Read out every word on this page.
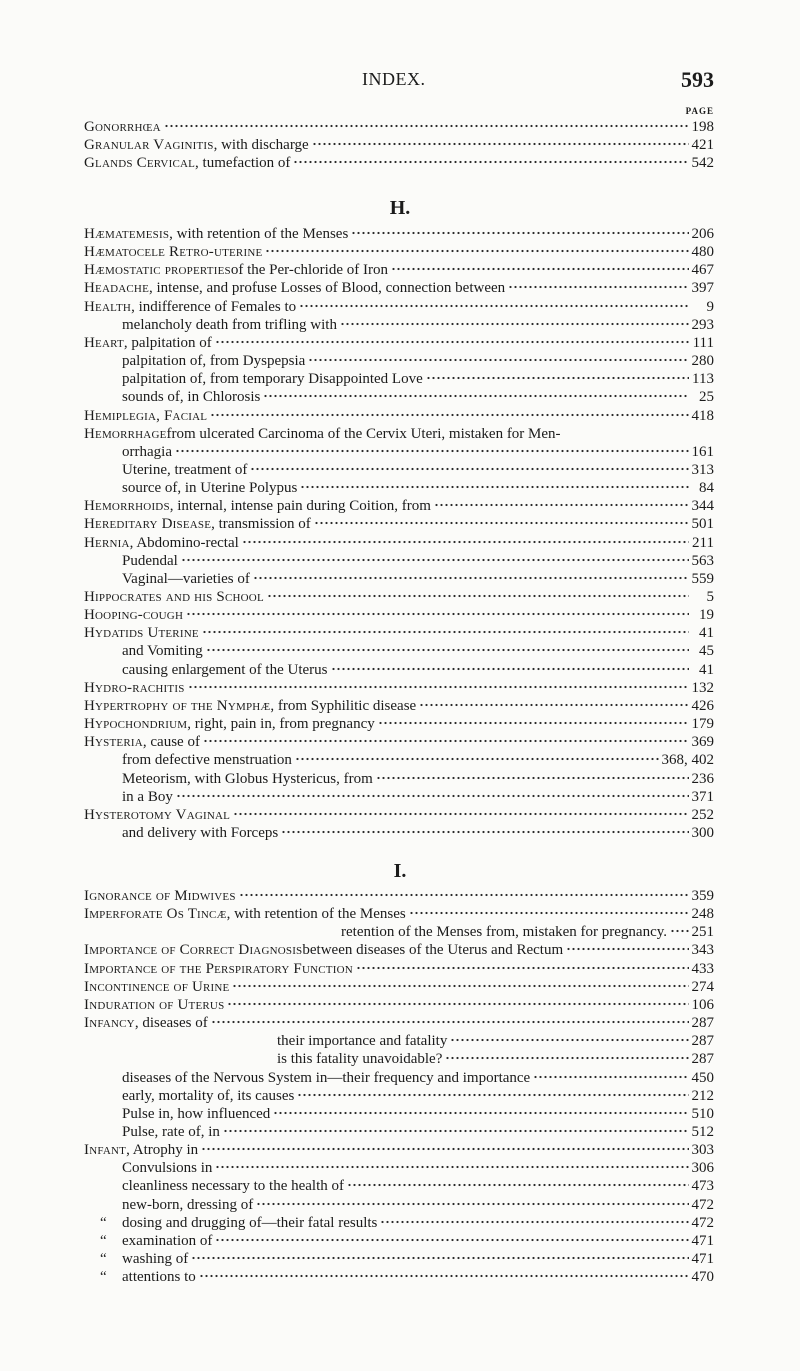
INDEX.	593
PAGE
Gonorrhœa	198
Granular Vaginitis , with discharge	421
Glands Cervical , tumefaction of	542
H.
Hæmatemesis , with retention of the Menses	206
Hæmatocele Retro-uterine	480
Hæmostatic properties of the Per-chloride of Iron	467
Headache , intense, and profuse Losses of Blood, connection between	397
Health , indifference of Females to	9
melancholy death from trifling with	293
Heart , palpitation of	111
palpitation of, from Dyspepsia	280
palpitation of, from temporary Disappointed Love	113
sounds of, in Chlorosis	25
Hemiplegia, Facial	418
Hemorrhage from ulcerated Carcinoma of the Cervix Uteri, mistaken for Men-
orrhagia	161
Uterine, treatment of	313
source of, in Uterine Polypus	84
Hemorrhoids , internal, intense pain during Coition, from	344
Hereditary Disease , transmission of	501
Hernia , Abdomino-rectal	211
Pudendal	563
Vaginal—varieties of	559
Hippocrates and his School	5
Hooping-cough	19
Hydatids Uterine	41
and Vomiting	45
causing enlargement of the Uterus	41
Hydro-rachitis	132
Hypertrophy of the Nymphæ , from Syphilitic disease	426
Hypochondrium , right, pain in, from pregnancy	179
Hysteria , cause of	369
from defective menstruation	368, 402
Meteorism, with Globus Hystericus, from	236
in a Boy	371
Hysterotomy Vaginal	252
and delivery with Forceps	300
I.
Ignorance of Midwives	359
Imperforate Os Tincæ , with retention of the Menses	248
retention of the Menses from, mistaken for pregnancy. 251
Importance of Correct Diagnosis between diseases of the Uterus and Rectum	343
Importance of the Perspiratory Function	433
Incontinence of Urine	274
Induration of Uterus	106
Infancy , diseases of	287
their importance and fatality	287
is this fatality unavoidable?	287
diseases of the Nervous System in—their frequency and importance	450
early, mortality of, its causes	212
Pulse in, how influenced	510
Pulse, rate of, in	512
Infant , Atrophy in	303
Convulsions in	306
cleanliness necessary to the health of	473
new-born, dressing of	472
“	dosing and drugging of—their fatal results	472
“	examination of	471
“	washing of	471
“	attentions to	470
